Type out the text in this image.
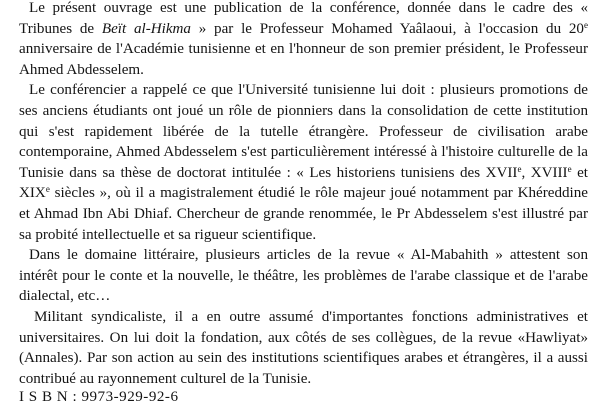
Le présent ouvrage est une publication de la conférence, donnée dans le cadre des « Tribunes de Beït al-Hikma » par le Professeur Mohamed Yaâlaoui, à l'occasion du 20e anniversaire de l'Académie tunisienne et en l'honneur de son premier président, le Professeur Ahmed Abdesselem.

Le conférencier a rappelé ce que l'Université tunisienne lui doit : plusieurs promotions de ses anciens étudiants ont joué un rôle de pionniers dans la consolidation de cette institution qui s'est rapidement libérée de la tutelle étrangère. Professeur de civilisation arabe contemporaine, Ahmed Abdesselem s'est particulièrement intéressé à l'histoire culturelle de la Tunisie dans sa thèse de doctorat intitulée : « Les historiens tunisiens des XVIIe, XVIIIe et XIXe siècles », où il a magistralement étudié le rôle majeur joué notamment par Khéreddine et Ahmad Ibn Abi Dhiaf. Chercheur de grande renommée, le Pr Abdesselem s'est illustré par sa probité intellectuelle et sa rigueur scientifique.

Dans le domaine littéraire, plusieurs articles de la revue « Al-Mabahith » attestent son intérêt pour le conte et la nouvelle, le théâtre, les problèmes de l'arabe classique et de l'arabe dialectal, etc…

Militant syndicaliste, il a en outre assumé d'importantes fonctions administratives et universitaires. On lui doit la fondation, aux côtés de ses collègues, de la revue «Hawliyat» (Annales). Par son action au sein des institutions scientifiques arabes et étrangères, il a aussi contribué au rayonnement culturel de la Tunisie.

I S B N : 9973-929-92-6
